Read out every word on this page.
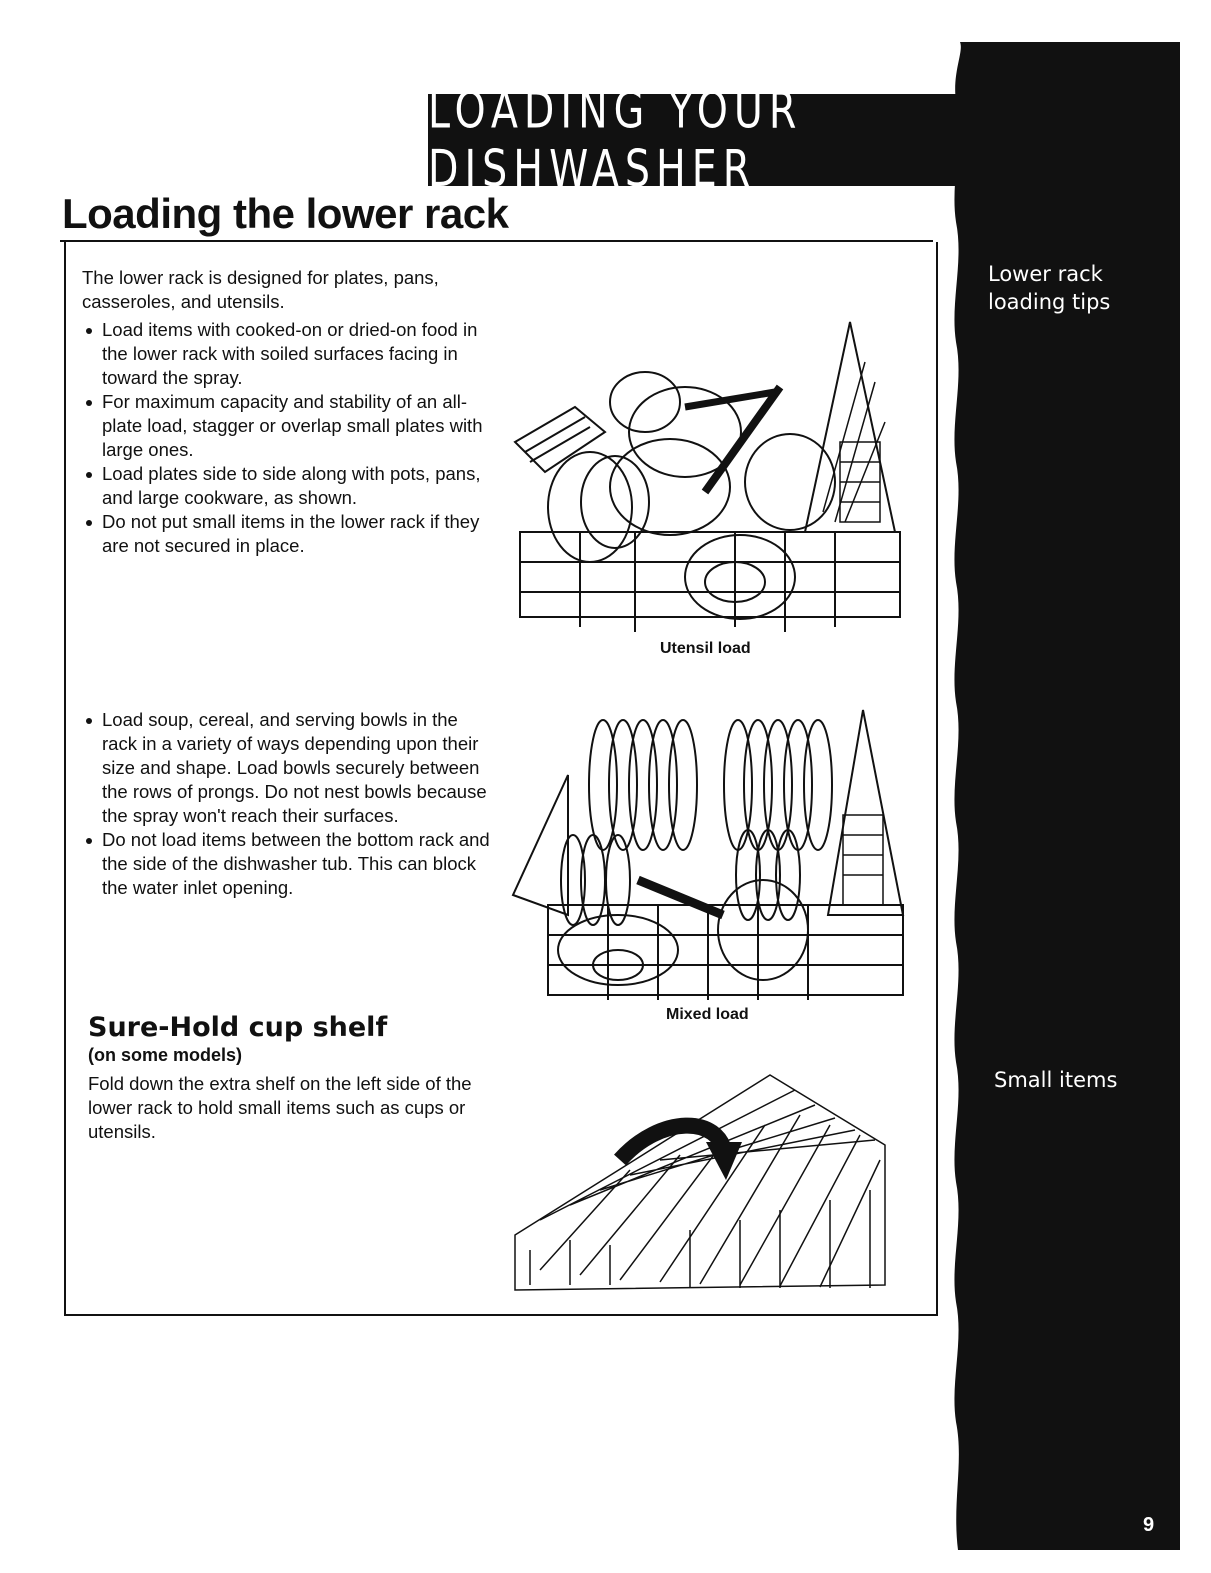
Lower rack loading tips
Small items
9
LOADING YOUR DISHWASHER
Loading the lower rack
The lower rack is designed for plates, pans, casseroles, and utensils.
Load items with cooked-on or dried-on food in the lower rack with soiled surfaces facing in toward the spray.
For maximum capacity and stability of an all-plate load, stagger or overlap small plates with large ones.
Load plates side to side along with pots, pans, and large cookware, as shown.
Do not put small items in the lower rack if they are not secured in place.
Load soup, cereal, and serving bowls in the rack in a variety of ways depending upon their size and shape. Load bowls securely between the rows of prongs. Do not nest bowls because the spray won't reach their surfaces.
Do not load items between the bottom rack and the side of the dishwasher tub. This can block the water inlet opening.
Sure-Hold cup shelf
(on some models)
Fold down the extra shelf on the left side of the lower rack to hold small items such as cups or utensils.
Utensil load
Mixed load
